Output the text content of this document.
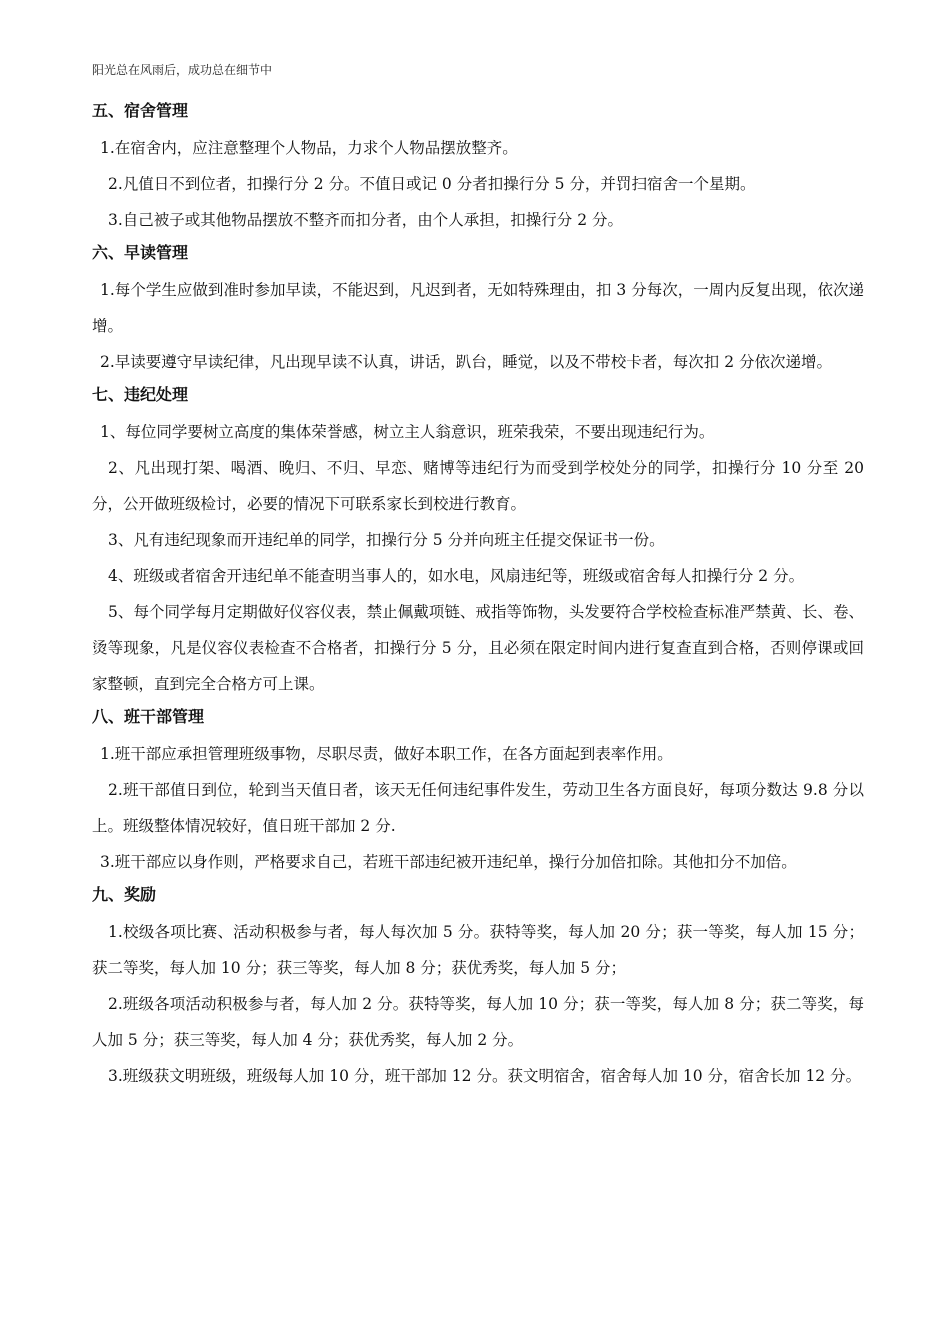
阳光总在风雨后，成功总在细节中
五、宿舍管理

1.在宿舍内，应注意整理个人物品，力求个人物品摆放整齐。

2.凡值日不到位者，扣操行分 2 分。不值日或记 0 分者扣操行分 5 分，并罚扫宿舍一个星期。

3.自己被子或其他物品摆放不整齐而扣分者，由个人承担，扣操行分 2 分。

六、早读管理

1.每个学生应做到准时参加早读，不能迟到，凡迟到者，无如特殊理由，扣 3 分每次，一周内反复出现，依次递增。

2.早读要遵守早读纪律，凡出现早读不认真，讲话，趴台，睡觉，以及不带校卡者，每次扣 2 分依次递增。

七、违纪处理

1、每位同学要树立高度的集体荣誉感，树立主人翁意识，班荣我荣，不要出现违纪行为。

2、凡出现打架、喝酒、晚归、不归、早恋、赌博等违纪行为而受到学校处分的同学，扣操行分 10 分至 20 分，公开做班级检讨，必要的情况下可联系家长到校进行教育。

3、凡有违纪现象而开违纪单的同学，扣操行分 5 分并向班主任提交保证书一份。

4、班级或者宿舍开违纪单不能查明当事人的，如水电，风扇违纪等，班级或宿舍每人扣操行分 2 分。

5、每个同学每月定期做好仪容仪表，禁止佩戴项链、戒指等饰物，头发要符合学校检查标准严禁黄、长、卷、烫等现象，凡是仪容仪表检查不合格者，扣操行分 5 分，且必须在限定时间内进行复查直到合格，否则停课或回家整顿，直到完全合格方可上课。

八、班干部管理

1.班干部应承担管理班级事物，尽职尽责，做好本职工作，在各方面起到表率作用。

2.班干部值日到位，轮到当天值日者，该天无任何违纪事件发生，劳动卫生各方面良好，每项分数达 9.8 分以上。班级整体情况较好，值日班干部加 2 分.

3.班干部应以身作则，严格要求自己，若班干部违纪被开违纪单，操行分加倍扣除。其他扣分不加倍。

九、奖励

1.校级各项比赛、活动积极参与者，每人每次加 5 分。获特等奖，每人加 20 分；获一等奖，每人加 15 分；获二等奖，每人加 10 分；获三等奖，每人加 8 分；获优秀奖，每人加 5 分；

2.班级各项活动积极参与者，每人加 2 分。获特等奖，每人加 10 分；获一等奖，每人加 8 分；获二等奖，每人加 5 分；获三等奖，每人加 4 分；获优秀奖，每人加 2 分。

3.班级获文明班级，班级每人加 10 分，班干部加 12 分。获文明宿舍，宿舍每人加 10 分，宿舍长加 12 分。
